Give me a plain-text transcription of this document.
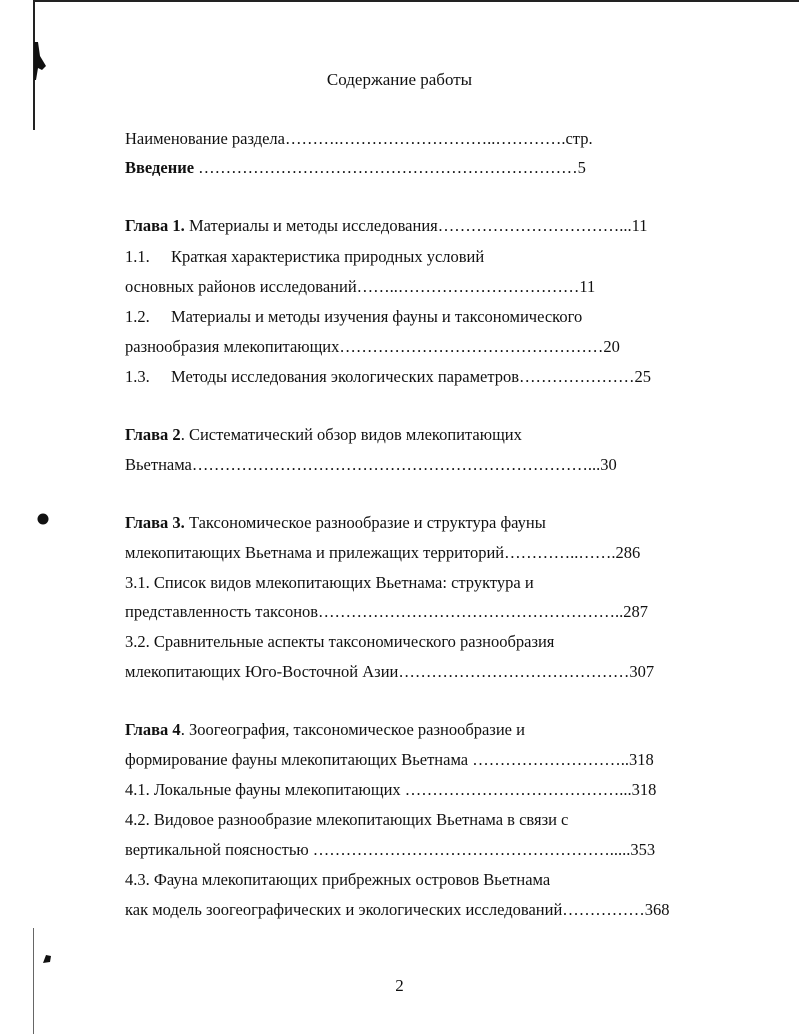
Содержание работы
Наименование раздела……….………………………..………….стр.
Введение ……………………………………………………………5
Глава 1. Материалы и методы исследования……………………………...11
1.1. Краткая характеристика природных условий
основных районов исследований……..……………………………11
1.2. Материалы и методы изучения фауны и таксономического
разнообразия млекопитающих…………………………………………20
1.3. Методы исследования экологических параметров…………………25
Глава 2. Систематический обзор видов млекопитающих
Вьетнама………………………………………………………………...30
Глава 3. Таксономическое разнообразие и структура фауны
млекопитающих Вьетнама и прилежащих территорий…………..…….286
3.1. Список видов млекопитающих Вьетнама: структура и
представленность таксонов………………………………………………..287
3.2. Сравнительные аспекты таксономического разнообразия
млекопитающих Юго-Восточной Азии……………………………………307
Глава 4. Зоогеография, таксономическое разнообразие и
формирование фауны млекопитающих Вьетнама ………………………..318
4.1. Локальные фауны млекопитающих …………………………………...318
4.2. Видовое разнообразие млекопитающих Вьетнама в связи с
вертикальной поясностью ……………………………………………….....353
4.3. Фауна млекопитающих прибрежных островов Вьетнама
как модель зоогеографических и экологических исследований……………368
2
